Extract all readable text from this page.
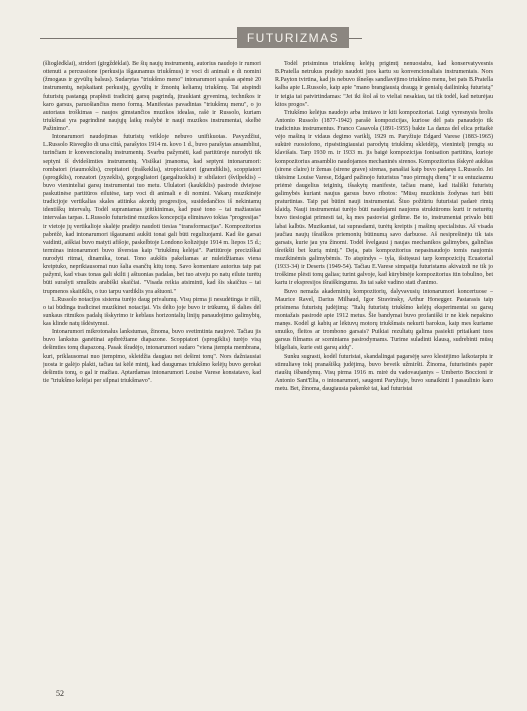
FUTURIZMAS

(šlioglėdklai), stridori (girgždėklai). Be šių naujų instrumentų, autorius naudojo ir rumori ottenuti a percussione (perkusija išgaunamus triukšmus) ir voci di animali e di nomini (žmogaus ir gyvūlių balsus). Sudarytas "triukšmo meno" intonarumori sąrašas apėmė 20 instrumentų, neįskaitant perkusijų, gyvūlių ir žmonių keliamų triukšmų. Tai atspindi futuristų pastangą praplėsti tradicinį garsų pagrindą, įtraukiant gyvenimą, technikos ir karo garsus, paruošiančius meno formą. Manifestas pavadintas "triukšmų menu", o jo autoriaus troškimas – naujos gimstančios muzikos idealas, rašė ir Russolo, kuriam triukšmai yra pagrindinė naujųjų laikų realybė ir nauji muzikos instrumentai, skelbė Pažinimo".

Intonarumori naudojimas futuristų veikloje nebuvo unifikuotas. Pavyzdžiui, L.Russolo Risveglio di una città, parašytos 1914 m. kovo 1 d., buvo parašytas ansambliui, turinčiam ir konvencionalių instrumentų. Svarbu pažymėti, kad partitūroje nurodyti tik septyni iš dvidešimties instrumentų. Visiškai įmanoma, kad septyni intonarumori: rombatori (riaumoklis), crepitatori (traškeklia), stropicciatori (gramdiklis), scoppiatori (sprogiklis), ronzatori (zyzeklis), gorgogliatori (gargaliuoklis) ir sibilatori (švilpeklis) – buvo vieninteliai garsų instrumentai tuo metu. Ululatori (kaukiklis) pasirodė dviejose paskutinėse partitūros eilutėse, tarp voci di animali e di nomini. Vakarų muzikinėje tradicijoje vertikalias skales atitinka akordų progresijos, susidedančios iš nekintamų identiškų intervalų. Todėl suprantamas jėitikinimas, kad pusė tono – tai mažiausias intervalas tarpas. L.Russolo futuristinė muzikos koncepcija eliminavo tokias "progresijas" ir vietoje jų vertikalioje skalėje pradėjo naudoti tiesias "transformacijas". Kompozitorius pabrėžė, kad intonarumori išgaunami aukšti tonai gali būti reguliuojami. Kad šie garsai vaidinti, aiškiai buvo matyti afišoje, paskelbtoje Londono kolizėjuje 1914 m. liepos 15 d.; terminas intonarumori buvo išverstas kaip "triukšmų kelėjai". Partitūroje preciziškai nurodyti ritmai, dinamika, tonai. Tono aukštis pakeliamas ar nuleidžiamas viena kreiptuko, neprikiausomai nuo šalia esančių kitų tonų. Savo komentare autorius taip pat pažymi, kad visas tonas gali skilti į aštuonias padalas, bet tuo atveju po natų eilute turėtų būti surašyti smulkūs arabiški skaičiai. "Visada reikia atsiminti, kad šis skaičius – tai trupmenos skaitiklis, o tuo tarpu vardiklis yra aštuoni."

L.Russolo notacijos sistema turėjo daug privalumų. Visų pirma ji nesudėtinga ir rišli, o tai būdinga tradicinei muzikinei notacijai. Vis dėlto joje buvo ir trūkumų, iš dalies dėl sunkaus ritmikos padalų išskyrimo ir keblaus horizontalių linijų panaudojimo galimybių, kas klinde natų išdėstymui.

Intonarumori mikrotonalus lankstumas, žinoma, buvo svetimtinta naujovė. Tačiau jis buvo lankstus ganėtinai apibrėžtame diapazone. Scoppiatori (sprogiklis) turėjo visą dešimties tonų diapazoną. Pasak išradėjo, intonarumori sudaro "viena įtempta membrana, kuri, priklausomai nuo įtempimo, skleidžia daugiau nei dešimt tonų". Nors dažniausiai juosta ir galėjo plakti, tačiau tai kėlė mintį, kad daugumas triukšmo kelėjų buvo gerokai dešimtis tonų, o gal ir mažiau. Aptardamas intonarumori Louise Varese konstatavo, kad tie "triukšmo kelėjai per silpnai triukšmavo".

Todėl prisiminus triukšmų kelėjų prigimtį nenuostabu, kad konservatyvesnis B.Pratella netrukus pradėjo naudoti juos kartu su konvencionaliais instrumentais. Nors R.Payton tvirtina, kad jis nebuvo išnešęs sandlavėjimo triukšmo menu, bet pats B.Pratella kalba apie L.Russolo, kaip apie "mano brangiausią draugą ir genialų dailininką futuristą" ir teigia tai patvirtindamas: "Jei iki šiol aš to vieliai nesakiau, tai tik todėl, kad neturėjau kitos progos".

Triukšmo kelėjus naudojo arba imitavo ir kiti kompozitoriai. Luigi vyresnysis brolis Antonio Russolo (1877-1942) parašė kompozicijas, kuriose dėl pats panaudojo tik tradicinius instrumentus. Franco Casavola (1891-1955) bakte La danza del elica pritaikė vėjo mašiną ir vidaus degimo variklį, 1929 m. Paryžiuje Edgard Varese (1883-1965) sukūrė ruosiofono, ripsėstingiausiai parodytų triukšmų skleidėją, vienintelį įrengtą su klavišais. Tarp 1930 m. ir 1933 m. jis baigė kompozicijas Ionisation partitūra, kurioje kompozitorius ansamblio naudojamos mechaninės sirenos. Kompozitorius išskyrė aukštas (sirene claire) ir žemas (sirene grave) sirenas, panašiai kaip buvo padaręs L.Russolo. Jei tikėsime Louise Varese, Edgard pažinojo futuristus "nuo pirmųjų dienų" ir su entuziazmu priėmė daugelius teiginių, išsakytų manifeste, tačiau manė, kad itališki futuristų galimybės kuriant naujus garsus buvo ribotos: "Mūsų muzikinis žodynas turi būti praturtintas. Taip pat būtini nauji instrumentai. Šiuo požiūriu futuristai padarė rimtą klaidą. Nauji instrumentai turėjo būti naudojami naujoms struktūroms kurti ir neturėtų buvo tiesiogiai primesti tai, ką mes pastoviai girdime. Be to, instrumentai privalo būti labai kalbūs. Muzikantai, tai suprasdami, turėtų kreiptis į mašinų specialistus. Aš visada jaučiau naujų išraiškos priemonių būtinumą savo darbuose. Aš nesiprešinėju tik tais garsais, kurie jau yra žinomi. Todėl švelgausi į naujas mechanikos galimybes, galinčias išreikšti bet kurią mintį." Deja, pats kompozitorius nepasinaudojo tomis naujomis muzikinėmis galimybėmis. To atspindys – tyla, išsitęsusi tarp kompozicijų Ecuatorial (1933-34) ir Deserts (1949-54). Tačiau E.Varese simpatija futuristams akivaizdi ne tik jo troškime plėsti tonų galias; turint galvoje, kad kūrybinėje kompozitorius itin tobulino, bet kartu ir ekspresijos išraiškingumu. Jis tai sakė vadino stati d'animo.

Buvo nemaža akademinių kompozitorių, dalyvavusių intonarumori koncertuose – Maurice Ravel, Darius Milhaud, Igor Stravinsky, Arthur Honegger. Pastarasis taip prisimena futuristų judėjimą: "Italų futuristų triukšmo kelėjų eksperimentai su garsų montažais pasirodė apie 1912 metus. Šie bandymai buvo profaniški ir ne kiek nepakino manęs. Kodėl gi kabių ar lėktuvų motorų triukšmais nekurti barokus, kaip mes kuriame smuiko, fleitos ar trombono garsais? Puikiai rezultatų galima pasiekti pritaikant tuos garsus filmams ar sceniniams pasirodymams. Turime suladinti klausą, sudrebinti mūsų bilgeliais, kurie esti garsų aidų".

Sunku sugrasti, kodėl futuristai, skandalingai pagarsėję savo klestėjimo laikotarpiu ir stimuliavę tokį pranašišką judėjimą, buvo beveik užmiršti. Žinoma, futuristinės papėr riaušių išbandymų. Visų pirma 1916 m. mirė du vadovaujantys – Umberto Boccioni ir Antonio Sant'Elia, o intonarumori, saugomi Paryžiuje, buvo sunaikinti I pasaulinio karo metu. Bet, žinoma, daugiausia pakenkė tai, kad futuristai

52
